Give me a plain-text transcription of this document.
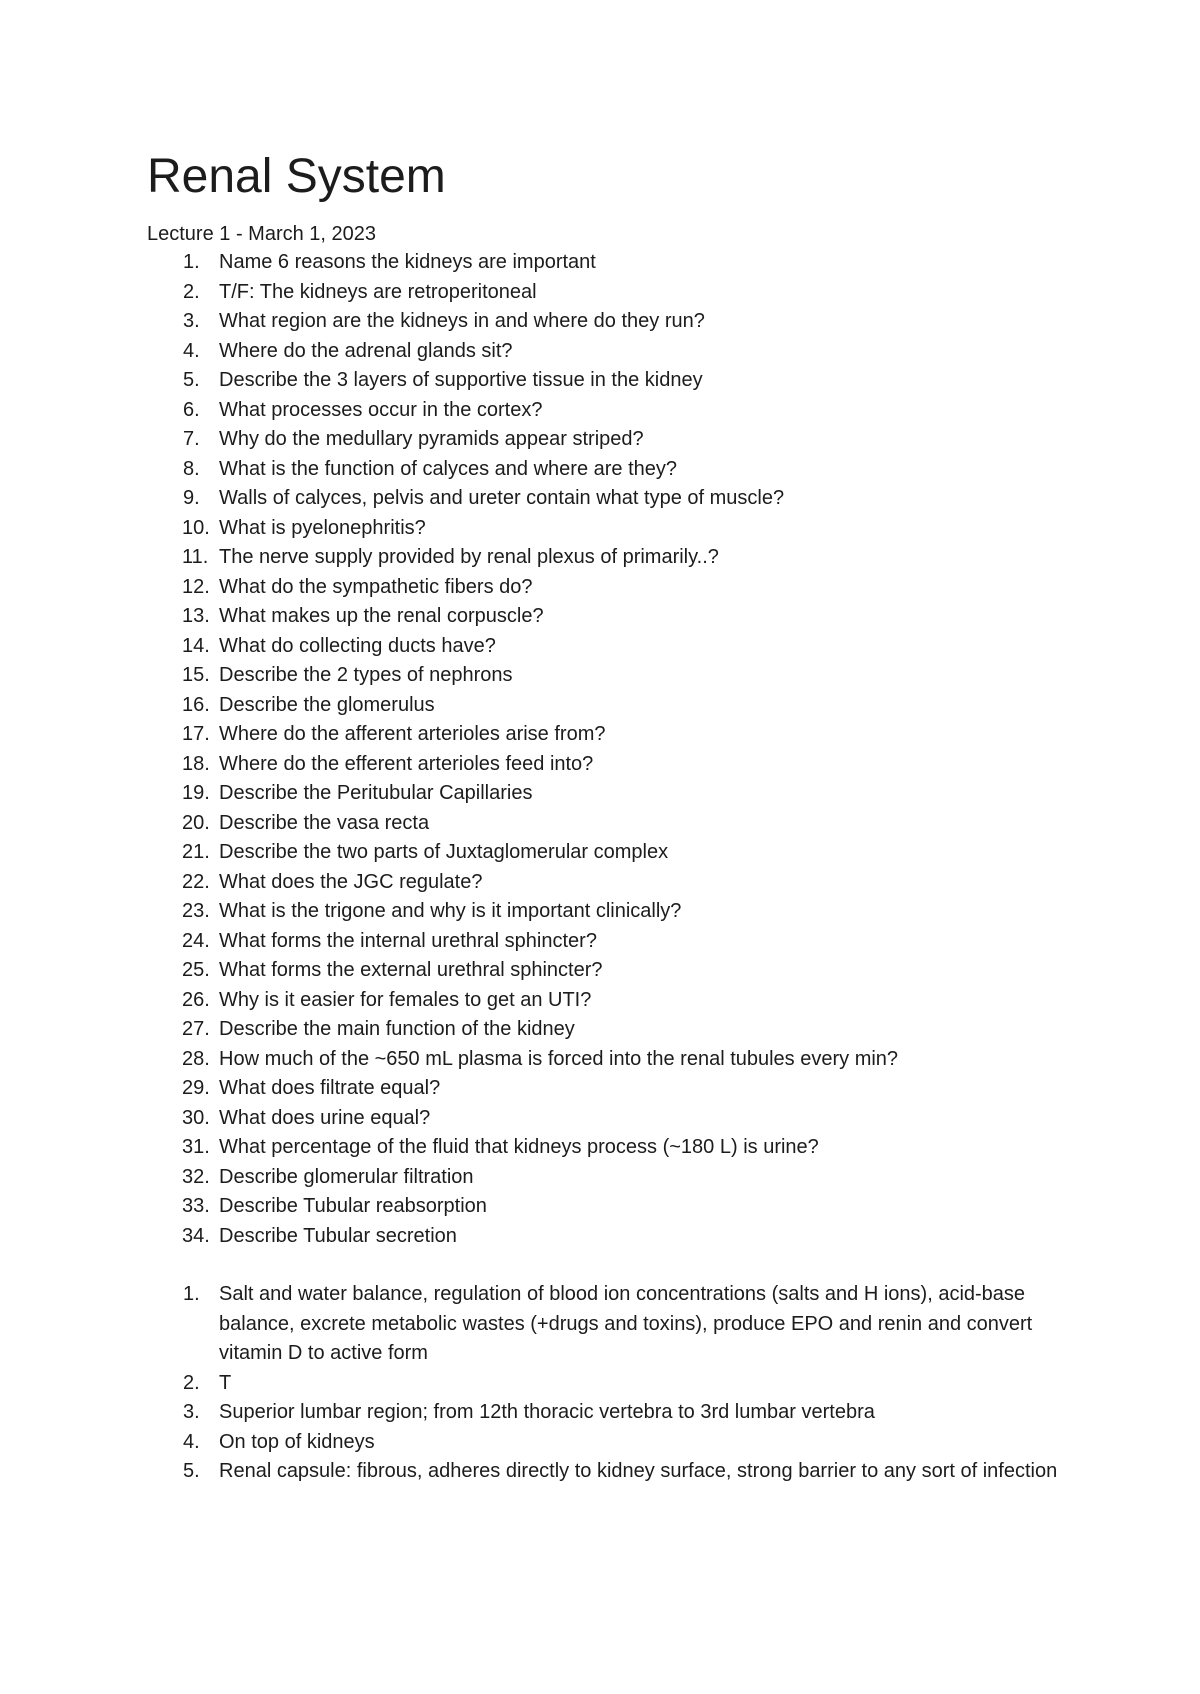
Renal System

Lecture 1 - March 1, 2023

1. Name 6 reasons the kidneys are important
2. T/F: The kidneys are retroperitoneal
3. What region are the kidneys in and where do they run?
4. Where do the adrenal glands sit?
5. Describe the 3 layers of supportive tissue in the kidney
6. What processes occur in the cortex?
7. Why do the medullary pyramids appear striped?
8. What is the function of calyces and where are they?
9. Walls of calyces, pelvis and ureter contain what type of muscle?
10. What is pyelonephritis?
11. The nerve supply provided by renal plexus of primarily..?
12. What do the sympathetic fibers do?
13. What makes up the renal corpuscle?
14. What do collecting ducts have?
15. Describe the 2 types of nephrons
16. Describe the glomerulus
17. Where do the afferent arterioles arise from?
18. Where do the efferent arterioles feed into?
19. Describe the Peritubular Capillaries
20. Describe the vasa recta
21. Describe the two parts of Juxtaglomerular complex
22. What does the JGC regulate?
23. What is the trigone and why is it important clinically?
24. What forms the internal urethral sphincter?
25. What forms the external urethral sphincter?
26. Why is it easier for females to get an UTI?
27. Describe the main function of the kidney
28. How much of the ~650 mL plasma is forced into the renal tubules every min?
29. What does filtrate equal?
30. What does urine equal?
31. What percentage of the fluid that kidneys process (~180 L) is urine?
32. Describe glomerular filtration
33. Describe Tubular reabsorption
34. Describe Tubular secretion
1. Salt and water balance, regulation of blood ion concentrations (salts and H ions), acid-base balance, excrete metabolic wastes (+drugs and toxins), produce EPO and renin and convert vitamin D to active form
2. T
3. Superior lumbar region; from 12th thoracic vertebra to 3rd lumbar vertebra
4. On top of kidneys
5. Renal capsule: fibrous, adheres directly to kidney surface, strong barrier to any sort of infection
